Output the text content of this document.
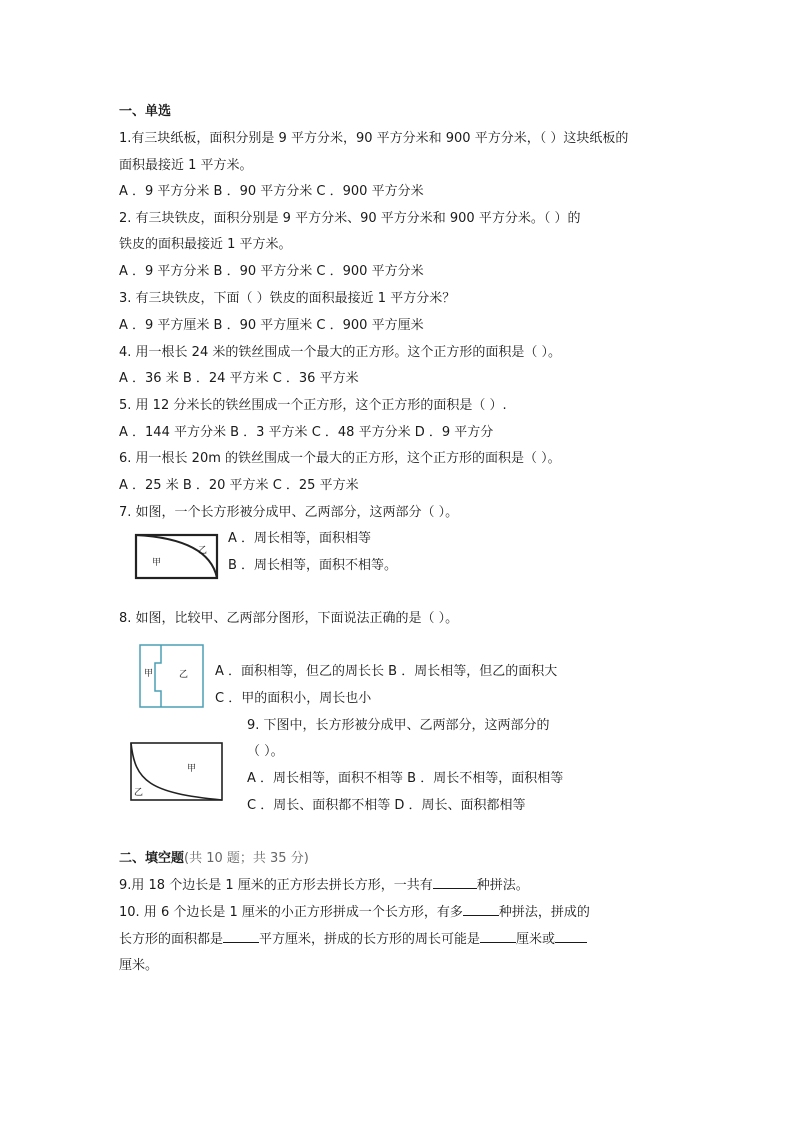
一、单选
1.有三块纸板，面积分别是 9 平方分米，90 平方分米和 900 平方分米，（ ）这块纸板的
面积最接近 1 平方米。
A ．9 平方分米 B ．90 平方分米 C ．900 平方分米
2. 有三块铁皮，面积分别是 9 平方分米、90 平方分米和 900 平方分米。（ ）的
铁皮的面积最接近 1 平方米。
A ．9 平方分米 B ．90 平方分米 C ．900 平方分米
3. 有三块铁皮，下面（ ）铁皮的面积最接近 1 平方分米？
A ．9 平方厘米 B ．90 平方厘米 C ．900 平方厘米
4. 用一根长 24 米的铁丝围成一个最大的正方形。这个正方形的面积是（ ）。
A ．36 米 B ．24 平方米 C ．36 平方米
5. 用 12 分米长的铁丝围成一个正方形，这个正方形的面积是（ ）.
A ．144 平方分米 B ．3 平方米 C ．48 平方分米 D ．9 平方分
6. 用一根长 20m 的铁丝围成一个最大的正方形，这个正方形的面积是（ ）。
A ．25 米 B ．20 平方米 C ．25 平方米
7. 如图，一个长方形被分成甲、乙两部分，这两部分（ ）。
甲
乙
A ．周长相等，面积相等
B ．周长相等，面积不相等。
8. 如图，比较甲、乙两部分图形，下面说法正确的是（ ）。
甲	乙 A ．面积相等，但乙的周长长 B ．周长相等，但乙的面积大
C ．甲的面积小，周长也小
9. 下图中，长方形被分成甲、乙两部分，这两部分的
（ ）。
甲
乙
A ．周长相等，面积不相等 B ．周长不相等，面积相等
C ．周长、面积都不相等 D ．周长、面积都相等
二、填空题(共 10 题；共 35 分)
9.用 18 个边长是 1 厘米的正方形去拼长方形，一共有	种拼法。
10. 用 6 个边长是 1 厘米的小正方形拼成一个长方形，有多	种拼法，拼成的
长方形的面积都是	平方厘米，拼成的长方形的周长可能是	厘米或
厘米。
